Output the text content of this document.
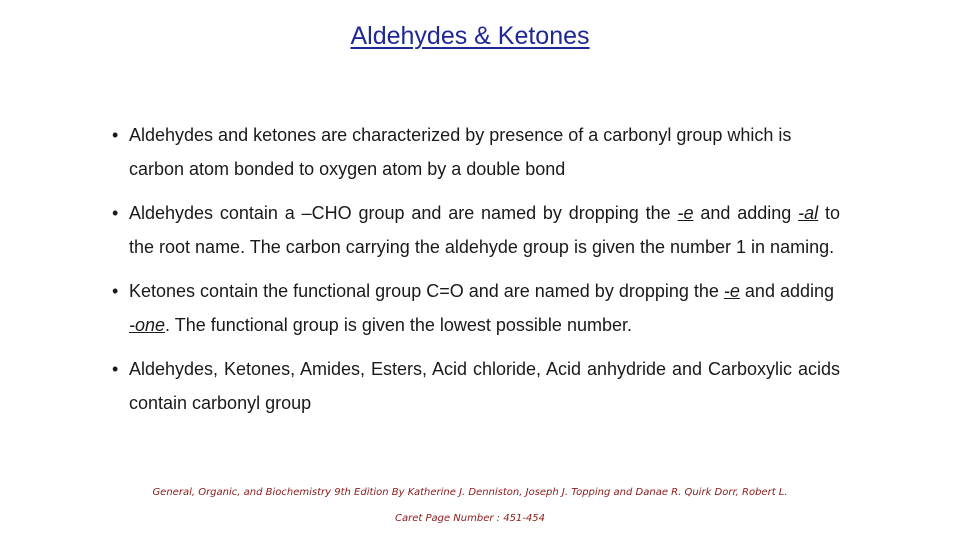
Aldehydes & Ketones
• Aldehydes and ketones are characterized by presence of a carbonyl group which is carbon atom bonded to oxygen atom by a double bond
• Aldehydes contain a –CHO group and are named by dropping the -e and adding -al to the root name. The carbon carrying the aldehyde group is given the number 1 in naming.
• Ketones contain the functional group C=O and are named by dropping the -e and adding -one. The functional group is given the lowest possible number.
• Aldehydes, Ketones, Amides, Esters, Acid chloride, Acid anhydride and Carboxylic acids contain carbonyl group

General, Organic, and Biochemistry 9th Edition By Katherine J. Denniston, Joseph J. Topping and Danae R. Quirk Dorr, Robert L.

Caret Page Number : 451-454
